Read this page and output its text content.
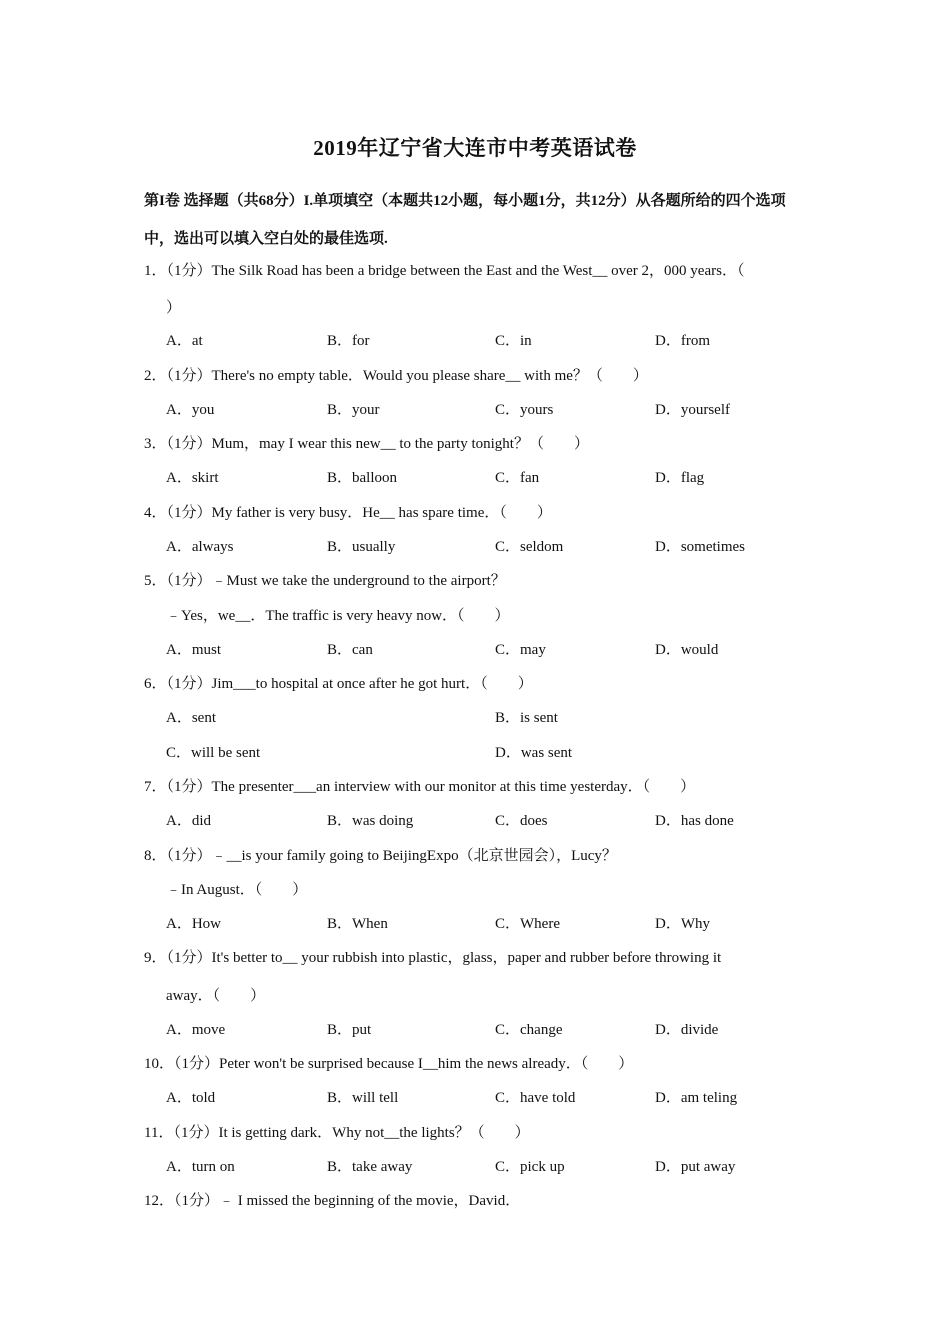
2019年辽宁省大连市中考英语试卷
第I卷 选择题（共68分）I.单项填空（本题共12小题，每小题1分，共12分）从各题所给的四个选项中，选出可以填入空白处的最佳选项.
1．（1分）The Silk Road has been a bridge between the East and the West__ over 2，000 years．（
）
A．at	B．for	C．in	D．from
2．（1分）There's no empty table．Would you please share__ with me？（　　）
A．you	B．your	C．yours	D．yourself
3．（1分）Mum，may I wear this new__ to the party tonight？（　　）
A．skirt	B．balloon	C．fan	D．flag
4．（1分）My father is very busy．He__ has spare time．（　　）
A．always	B．usually	C．seldom	D．sometimes
5．（1分）﹣Must we take the underground to the airport？
﹣Yes，we__．The traffic is very heavy now．（　　）
A．must	B．can	C．may	D．would
6．（1分）Jim___to hospital at once after he got hurt．（　　）
A．sent	B．is sent
C．will be sent	D．was sent
7．（1分）The presenter___an interview with our monitor at this time yesterday．（　　）
A．did	B．was doing	C．does	D．has done
8．（1分）﹣__is your family going to BeijingExpo（北京世园会），Lucy？
﹣In August．（　　）
A．How	B．When	C．Where	D．Why
9．（1分）It's better to__ your rubbish into plastic，glass，paper and rubber before throwing it
away．（　　）
A．move	B．put	C．change	D．divide
10．（1分）Peter won't be surprised because I__him the news already．（　　）
A．told	B．will tell	C．have told	D．am teling
11．（1分）It is getting dark．Why not__the lights？（　　）
A．turn on	B．take away	C．pick up	D．put away
12．（1分）﹣ I missed the beginning of the movie，David．
